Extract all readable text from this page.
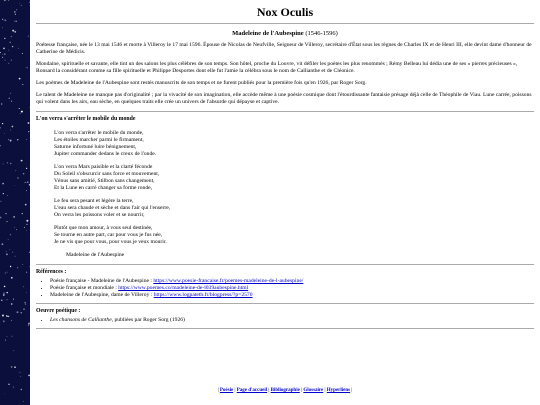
Nox Oculis
Madeleine de l'Aubespine (1546-1596)

Poétesse française, née le 13 mai 1546 et morte à Villeroy le 17 mai 1596. Épouse de Nicolas de Neufville, Seigneur de Villeroy, secrétaire d'État sous les règnes de Charles IX et de Henri III, elle devint dame d'honneur de Catherine de Médicis.

Mondaine, spirituelle et savante, elle tint un des salons les plus célèbres de son temps. Son hôtel, proche du Louvre, vit défiler les poètes les plus renommés ; Rémy Belleau lui dédia une de ses « pierres précieuses », Ronsard la considérant comme sa fille spirituelle et Philippe Desportes dont elle fut l'amie la célébra sous le nom de Callianthe et de Cléonice.

Les poèmes de Madeleine de l'Aubespine sont restés manuscrits de son temps et ne furent publiés pour la première fois qu'en 1926, par Roger Sorg.

Le talent de Madeleine ne manque pas d'originalité ; par la vivacité de son imagination, elle accède même à une poésie cosmique dont l'étourdissante fantaisie présage déjà celle de Théophile de Viau. Lune carrée, poissons qui volent dans les airs, eau sèche, en quelques traits elle crée un univers de l'absurde qui dépayse et captive.

L'on verra s'arrêter le mobile du monde
L'on verra s'arrêter le mobile du monde,
Les étoiles marcher parmi le firmament,
Saturne infortuné luire bénignement,
Jupiter commander dedans le creux de l'onde.
L'on verra Mars paisible et la clarté féconde
Du Soleil s'obscurcir sans force et mouvement,
Vénus sans amitié, Stilbon sans changement,
Et la Lune en carré changer sa forme ronde,
Le feu sera pesant et légère la terre,
L'eau sera chaude et sèche et dans l'air qui l'enserre,
On verra les poissons voler et se nourrir,
Plutôt que mon amour, à vous seul destinée,
Se tourne en autre part, car pour vous je fus née,
Je ne vis que pour vous, pour vous je veux mourir.
Madeleine de l'Aubespine
Références :
• Poésie française - Madeleine de l'Aubespine : https://www.poesie-francaise.fr/poemes-madeleine-de-l-aubespine/
• Poésie française et mondiale : https://www.poemes.co/madeleine-de-l039aubespine.html
• Madeleine de l'Aubespine, dame de Villeroy : https://www.logpateth.fr/blogpress/?p=2570
Oeuvre poétique :
• Les chansons de Callianthe, publiées par Roger Sorg (1926)
| Poésie | Page d'accueil | Bibliographie | Glossaire | Hyperliens |
